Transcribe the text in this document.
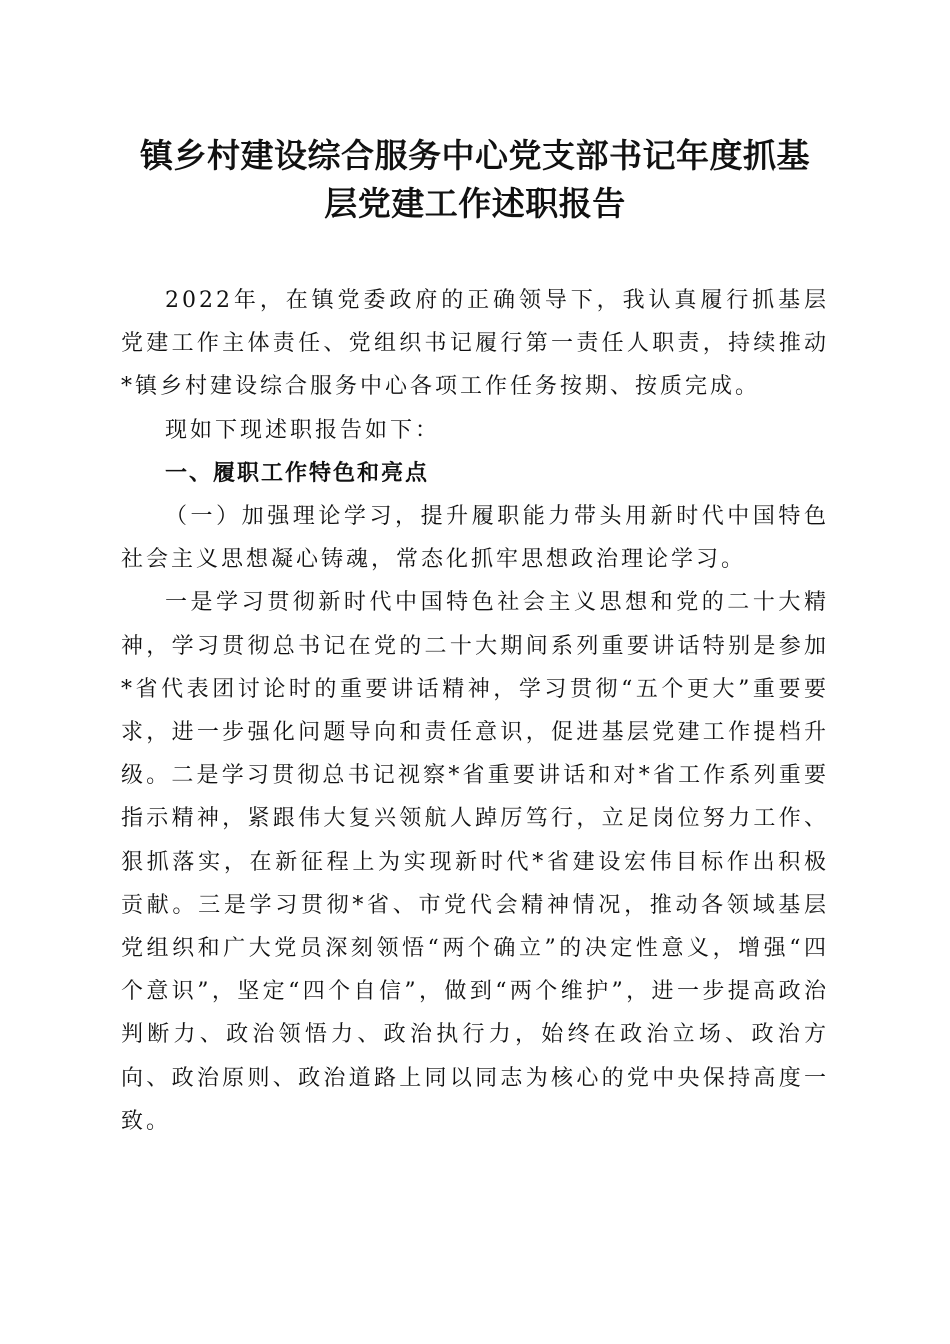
镇乡村建设综合服务中心党支部书记年度抓基
层党建工作述职报告

2022年，在镇党委政府的正确领导下，我认真履行抓基层党建工作主体责任、党组织书记履行第一责任人职责，持续推动*镇乡村建设综合服务中心各项工作任务按期、按质完成。

现如下现述职报告如下：

一、履职工作特色和亮点

（一）加强理论学习，提升履职能力带头用新时代中国特色社会主义思想凝心铸魂，常态化抓牢思想政治理论学习。

一是学习贯彻新时代中国特色社会主义思想和党的二十大精神，学习贯彻总书记在党的二十大期间系列重要讲话特别是参加*省代表团讨论时的重要讲话精神，学习贯彻“五个更大”重要要求，进一步强化问题导向和责任意识，促进基层党建工作提档升级。二是学习贯彻总书记视察*省重要讲话和对*省工作系列重要指示精神，紧跟伟大复兴领航人踔厉笃行，立足岗位努力工作、狠抓落实，在新征程上为实现新时代*省建设宏伟目标作出积极贡献。三是学习贯彻*省、市党代会精神情况，推动各领域基层党组织和广大党员深刻领悟“两个确立”的决定性意义，增强“四个意识”，坚定“四个自信”，做到“两个维护”，进一步提高政治判断力、政治领悟力、政治执行力，始终在政治立场、政治方向、政治原则、政治道路上同以同志为核心的党中央保持高度一致。
